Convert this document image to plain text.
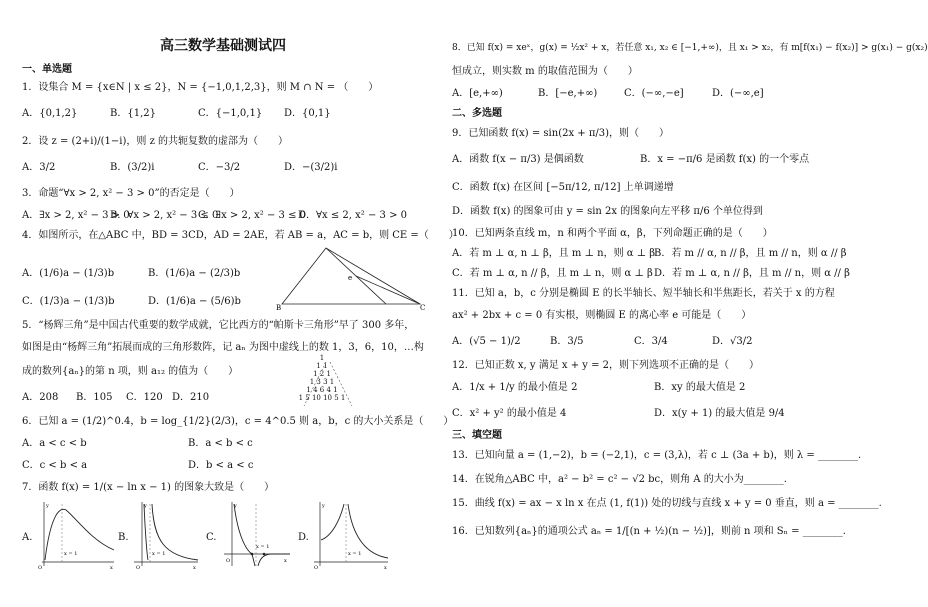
高三数学基础测试四
一、单选题
1．设集合 M = {x∈N | x ≤ 2}，N = {−1,0,1,2,3}，则 M ∩ N = （　　）
A．{0,1,2}	B．{1,2}	C．{−1,0,1} D．{0,1}
2．设 z = (2+i)/(1−i)，则 z 的共轭复数的虚部为（　　）
A．3/2	B．(3/2)i	C．−3/2	D．−(3/2)i
3．命题“∀x > 2, x² − 3 > 0”的否定是（　　）
A．∃x > 2, x² − 3 > 0
B．∀x > 2, x² − 3 ≤ 0
C．∃x > 2, x² − 3 ≤ 0
D．∀x ≤ 2, x² − 3 > 0
4．如图所示，在△ABC 中，BD = 3CD，AD = 2AE，若 AB = a，AC = b，则 CE =（　　）
A．(1/6)a − (1/3)b	B．(1/6)a − (2/3)b
C．(1/3)a − (1/3)b	D．(1/6)a − (5/6)b
e
B	C
5．“杨辉三角”是中国古代重要的数学成就，它比西方的“帕斯卡三角形”早了 300 多年，
如图是由“杨辉三角”拓展而成的三角形数阵，记 aₙ 为图中虚线上的数 1，3，6，10，…构
成的数列{aₙ}的第 n 项，则 a₁₂ 的值为（　　）
A．208 B．105 C．120 D．210
1
1 1
1 2 1
1 3 3 1
1 4 6 4 1
1 5 10 10 5 1
6．已知 a = (1/2)^0.4，b = log_{1/2}(2/3)，c = 4^0.5 则 a，b，c 的大小关系是（　　）
A．a < c < b	B．a < b < c
C．c < b < a	D．b < a < c
7．函数 f(x) = 1/(x − ln x − 1) 的图象大致是（　　）
A.	B.	C.	D.
x = 1
O	x
y
x = 1
O	x
y
x = 1
O	x
y
x = 1
O	x
y
8．已知 f(x) = xeˣ，g(x) = ½x² + x，若任意 x₁, x₂ ∈ [−1,+∞)，且 x₁ > x₂，有 m[f(x₁) − f(x₂)] > g(x₁) − g(x₂)
恒成立，则实数 m 的取值范围为（　　）
A．[e,+∞)	B．[−e,+∞)	C．(−∞,−e]	D．(−∞,e]
二、多选题
9．已知函数 f(x) = sin(2x + π/3)，则（　　）
A．函数 f(x − π/3) 是偶函数	B．x = −π/6 是函数 f(x) 的一个零点
C．函数 f(x) 在区间 [−5π/12, π/12] 上单调递增
D．函数 f(x) 的图象可由 y = sin 2x 的图象向左平移 π/6 个单位得到
10．已知两条直线 m，n 和两个平面 α，β，下列命题正确的是（　　）
A．若 m ⊥ α, n ⊥ β，且 m ⊥ n，则 α ⊥ β
B．若 m // α, n // β，且 m // n，则 α // β
C．若 m ⊥ α, n // β，且 m ⊥ n，则 α ⊥ β D．若 m ⊥ α, n // β，且 m // n，则 α // β
11．已知 a，b，c 分别是椭圆 E 的长半轴长、短半轴长和半焦距长，若关于 x 的方程
ax² + 2bx + c = 0 有实根，则椭圆 E 的离心率 e 可能是（　　）
A．(√5 − 1)/2	B．3/5	C．3/4	D．√3/2
12．已知正数 x, y 满足 x + y = 2，则下列选项不正确的是（　　）
A．1/x + 1/y 的最小值是 2	B．xy 的最大值是 2
C．x² + y² 的最小值是 4	D．x(y + 1) 的最大值是 9/4
三、填空题
13．已知向量 a = (1,−2)，b = (−2,1)，c = (3,λ)，若 c ⊥ (3a + b)，则 λ = ________.
14．在锐角△ABC 中，a² − b² = c² − √2 bc，则角 A 的大小为________.
15．曲线 f(x) = ax − x ln x 在点 (1, f(1)) 处的切线与直线 x + y = 0 垂直，则 a = ________.
16．已知数列{aₙ}的通项公式 aₙ = 1/[(n + ½)(n − ½)]，则前 n 项和 Sₙ = ________.
